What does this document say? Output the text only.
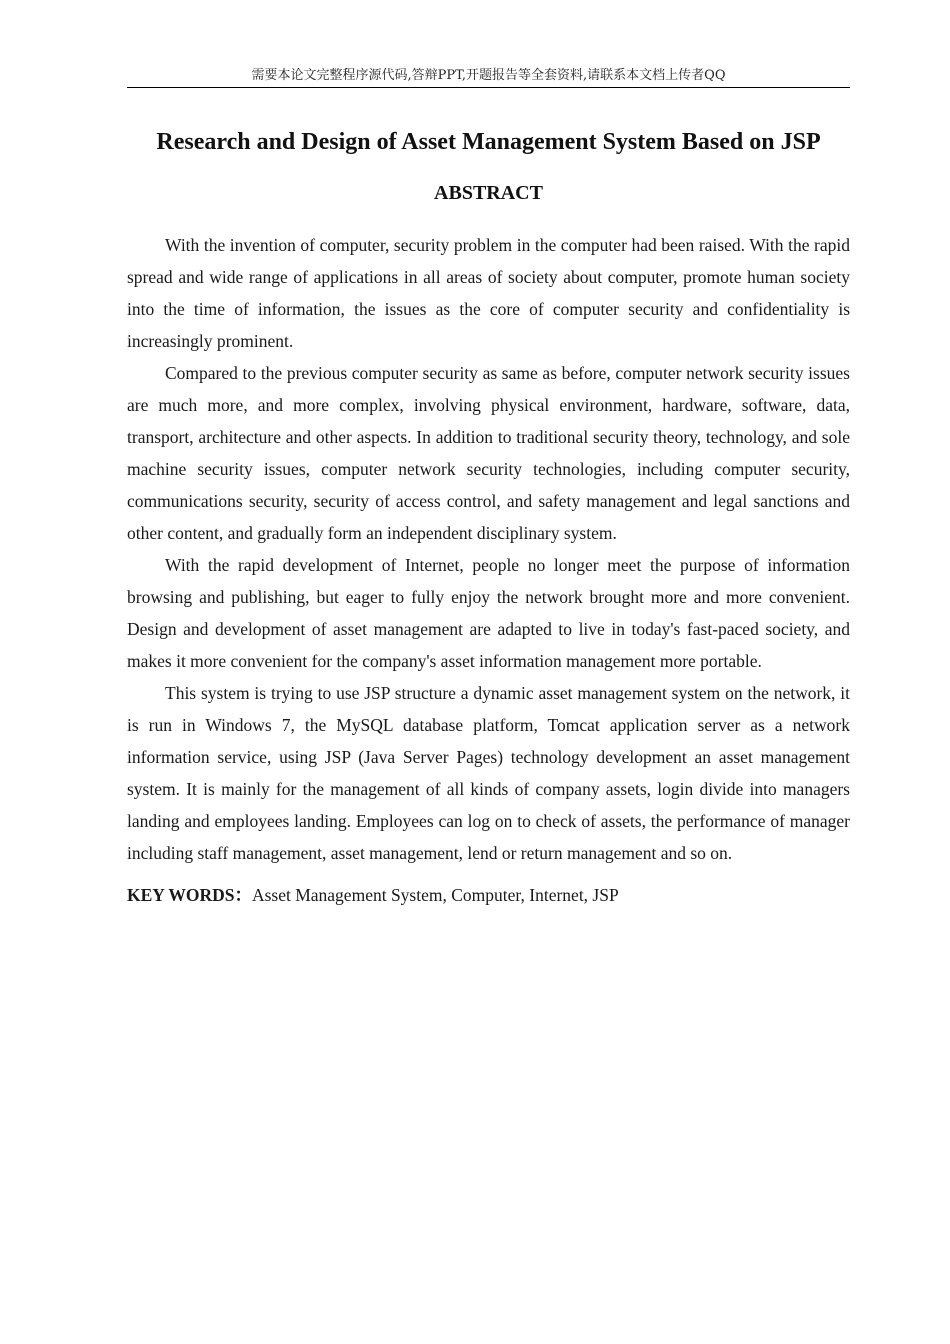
需要本论文完整程序源代码,答辩PPT,开题报告等全套资料,请联系本文档上传者QQ
Research and Design of Asset Management System Based on JSP
ABSTRACT

With the invention of computer, security problem in the computer had been raised. With the rapid spread and wide range of applications in all areas of society about computer, promote human society into the time of information, the issues as the core of computer security and confidentiality is increasingly prominent.

Compared to the previous computer security as same as before, computer network security issues are much more, and more complex, involving physical environment, hardware, software, data, transport, architecture and other aspects. In addition to traditional security theory, technology, and sole machine security issues, computer network security technologies, including computer security, communications security, security of access control, and safety management and legal sanctions and other content, and gradually form an independent disciplinary system.

With the rapid development of Internet, people no longer meet the purpose of information browsing and publishing, but eager to fully enjoy the network brought more and more convenient. Design and development of asset management are adapted to live in today's fast-paced society, and makes it more convenient for the company's asset information management more portable.

This system is trying to use JSP structure a dynamic asset management system on the network, it is run in Windows 7, the MySQL database platform, Tomcat application server as a network information service, using JSP (Java Server Pages) technology development an asset management system. It is mainly for the management of all kinds of company assets, login divide into managers landing and employees landing. Employees can log on to check of assets, the performance of manager including staff management, asset management, lend or return management and so on.

KEY WORDS：Asset Management System, Computer, Internet, JSP
